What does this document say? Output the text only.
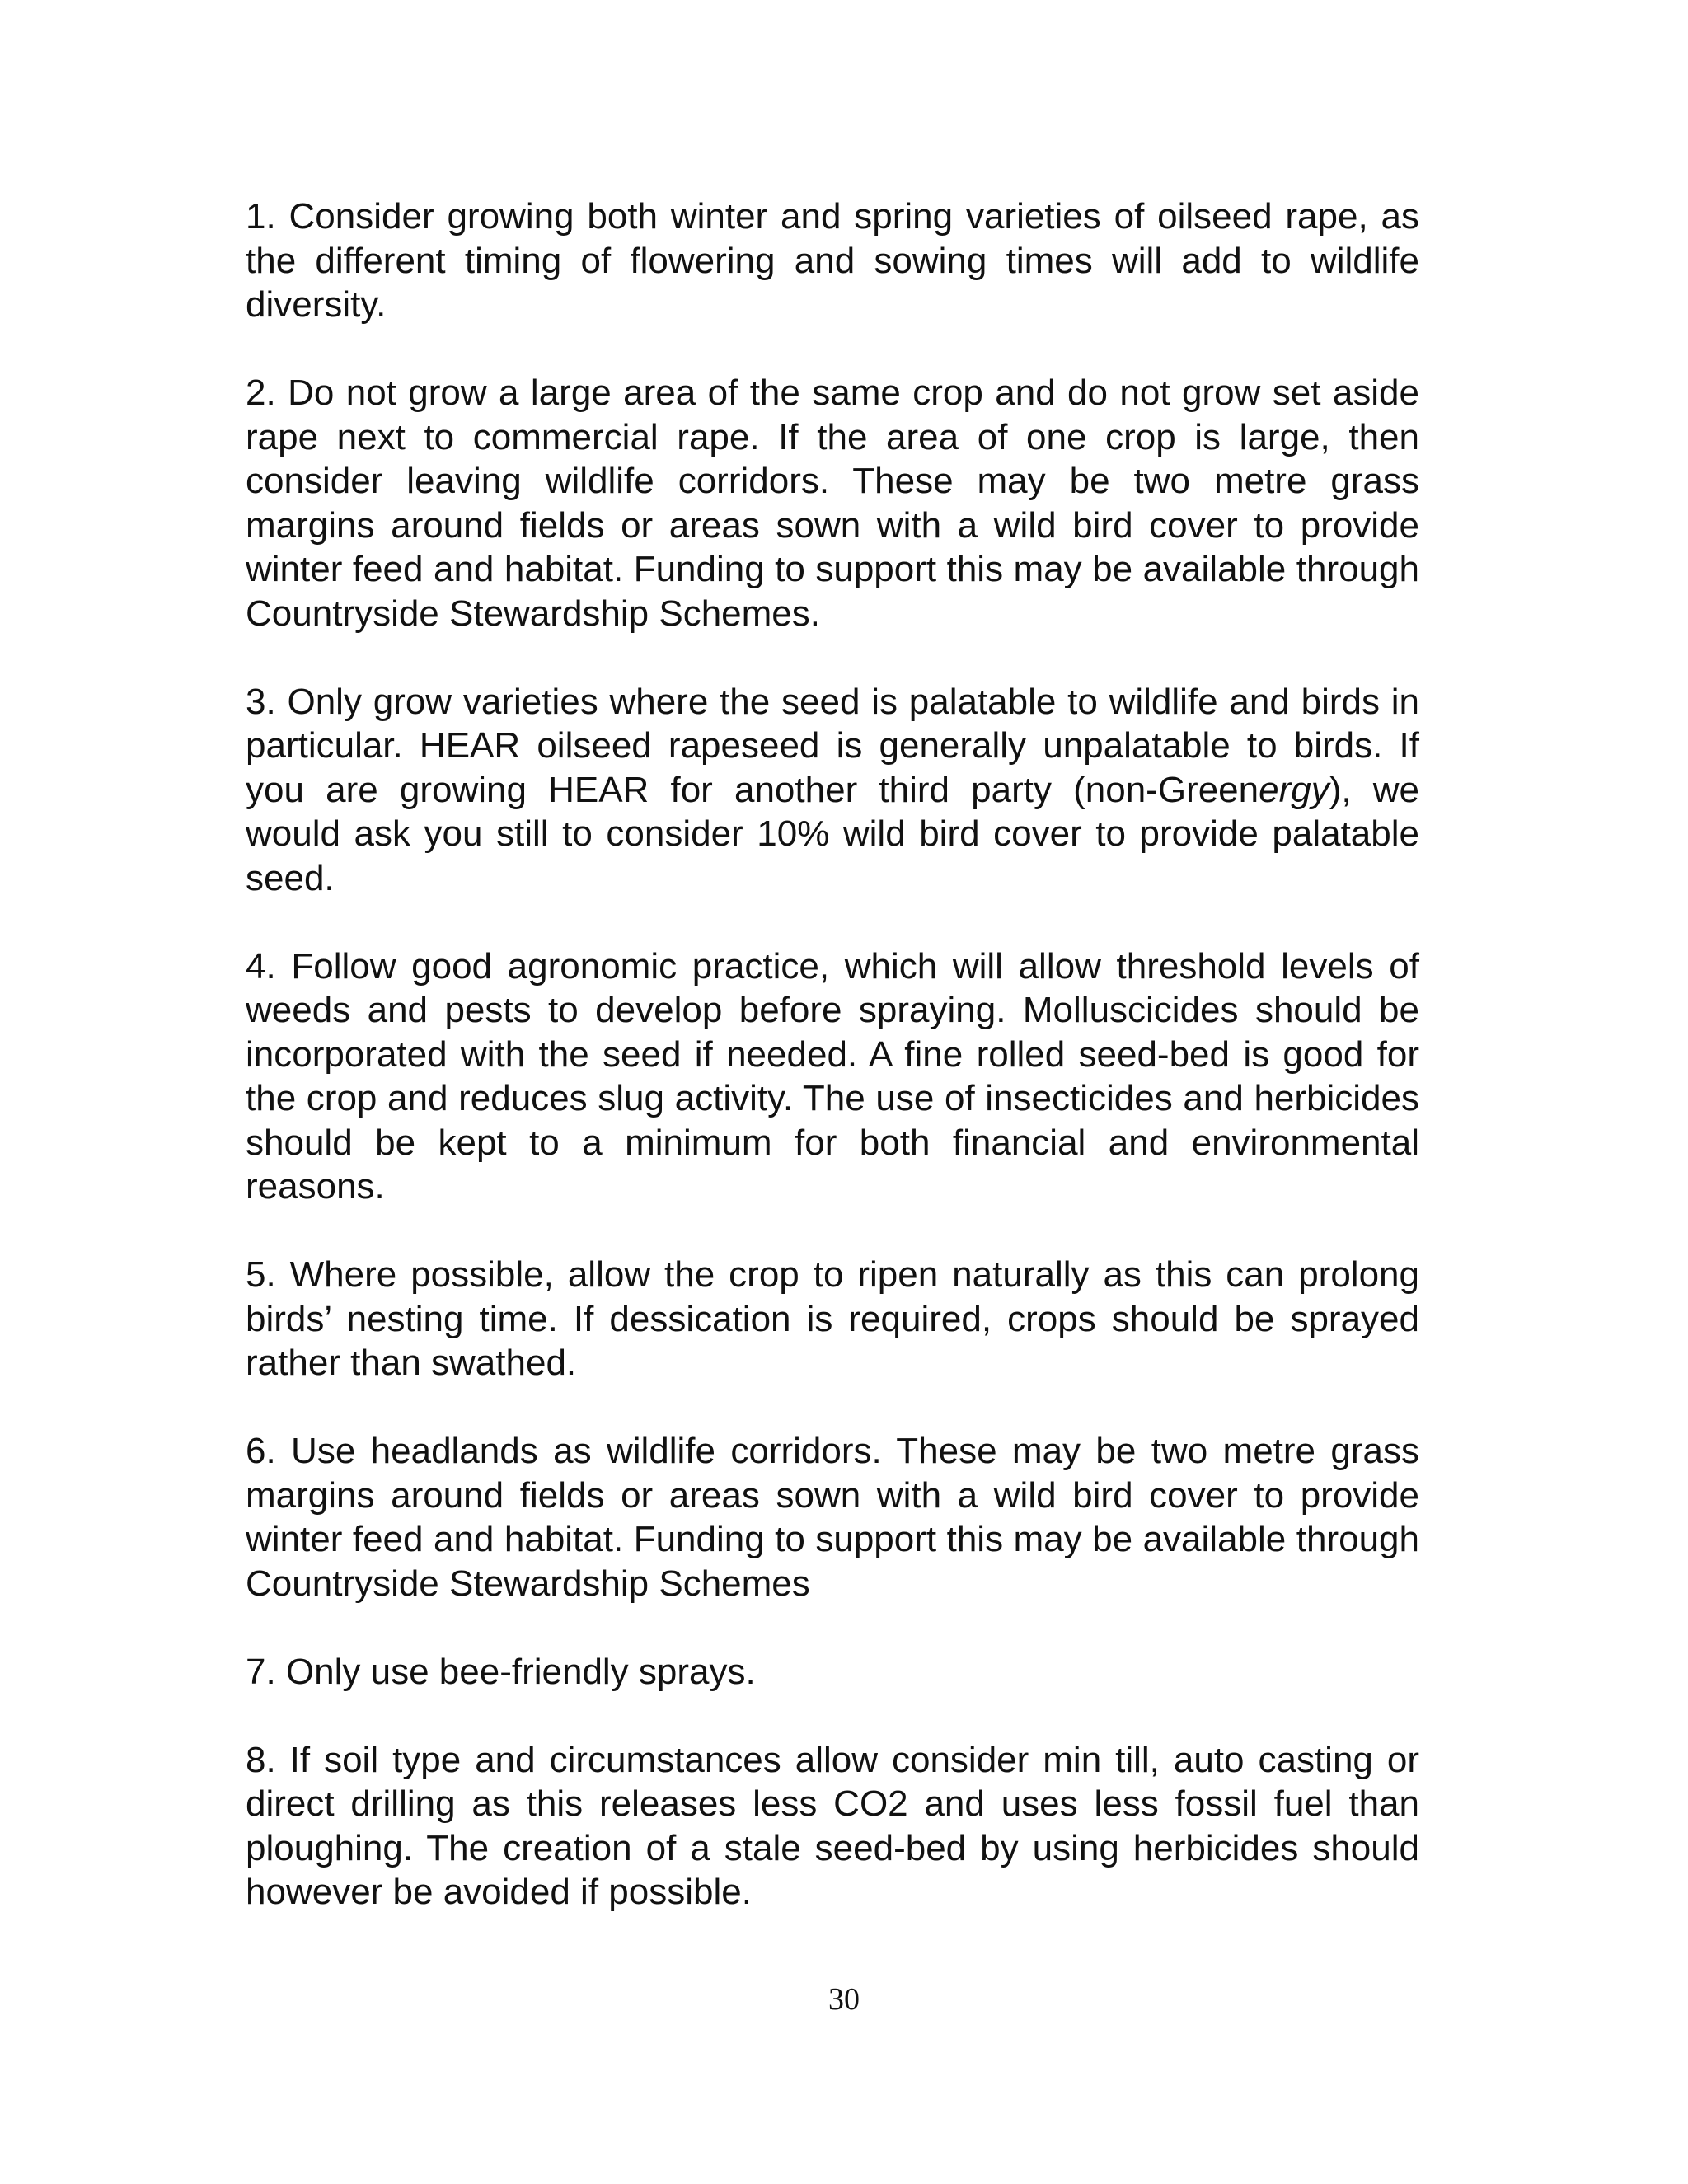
1. Consider growing both winter and spring varieties of oilseed rape, as the different timing of flowering and sowing times will add to wildlife diversity.

2. Do not grow a large area of the same crop and do not grow set aside rape next to commercial rape. If the area of one crop is large, then consider leaving wildlife corridors. These may be two metre grass margins around fields or areas sown with a wild bird cover to provide winter feed and habitat. Funding to support this may be available through Countryside Stewardship Schemes.

3. Only grow varieties where the seed is palatable to wildlife and birds in particular. HEAR oilseed rapeseed is generally unpalatable to birds. If you are growing HEAR for another third party (non-Greenergy), we would ask you still to consider 10% wild bird cover to provide palatable seed.

4. Follow good agronomic practice, which will allow threshold levels of weeds and pests to develop before spraying. Molluscicides should be incorporated with the seed if needed. A fine rolled seed-bed is good for the crop and reduces slug activity. The use of insecticides and herbicides should be kept to a minimum for both financial and environmental reasons.

5. Where possible, allow the crop to ripen naturally as this can prolong birds’ nesting time. If dessication is required, crops should be sprayed rather than swathed.

6. Use headlands as wildlife corridors. These may be two metre grass margins around fields or areas sown with a wild bird cover to provide winter feed and habitat. Funding to support this may be available through Countryside Stewardship Schemes

7. Only use bee-friendly sprays.

8. If soil type and circumstances allow consider min till, auto casting or direct drilling as this releases less CO2 and uses less fossil fuel than ploughing. The creation of a stale seed-bed by using herbicides should however be avoided if possible.

30
